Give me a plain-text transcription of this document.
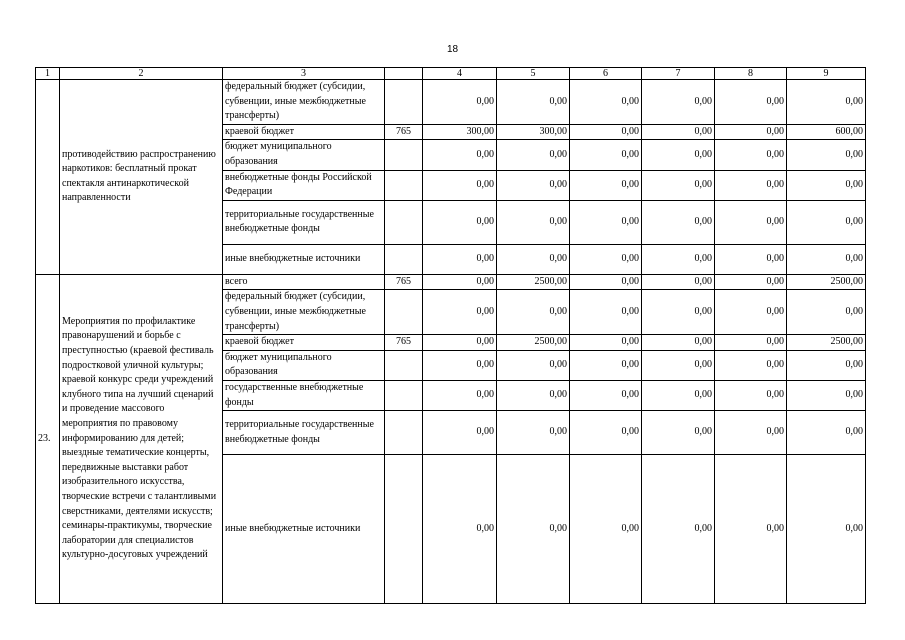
18
1	2	3		4	5	6	7	8	9
	противодействию распространению наркотиков: бесплатный прокат спектакля антинаркотической направленности	федеральный бюджет (субсидии, субвенции, иные межбюджетные трансферты)		0,00	0,00	0,00	0,00	0,00	0,00
		краевой бюджет	765	300,00	300,00	0,00	0,00	0,00	600,00
		бюджет муниципального образования		0,00	0,00	0,00	0,00	0,00	0,00
		внебюджетные фонды Российской Федерации		0,00	0,00	0,00	0,00	0,00	0,00
		территориальные государственные внебюджетные фонды		0,00	0,00	0,00	0,00	0,00	0,00
		иные внебюджетные источники		0,00	0,00	0,00	0,00	0,00	0,00
23.	Мероприятия по профилактике правонарушений и борьбе с преступностью (краевой фестиваль подростковой уличной культуры; краевой конкурс среди учреждений клубного типа на лучший сценарий и проведение массового мероприятия по правовому информированию для детей; выездные тематические концерты, передвижные выставки работ изобразительного искусства, творческие встречи с талантливыми сверстниками, деятелями искусств; семинары-практикумы, творческие лаборатории для специалистов культурно-досуговых учреждений	всего	765	0,00	2500,00	0,00	0,00	0,00	2500,00
		федеральный бюджет (субсидии, субвенции, иные межбюджетные трансферты)		0,00	0,00	0,00	0,00	0,00	0,00
		краевой бюджет	765	0,00	2500,00	0,00	0,00	0,00	2500,00
		бюджет муниципального образования		0,00	0,00	0,00	0,00	0,00	0,00
		государственные внебюджетные фонды		0,00	0,00	0,00	0,00	0,00	0,00
		территориальные государственные внебюджетные фонды		0,00	0,00	0,00	0,00	0,00	0,00
		иные внебюджетные источники		0,00	0,00	0,00	0,00	0,00	0,00
